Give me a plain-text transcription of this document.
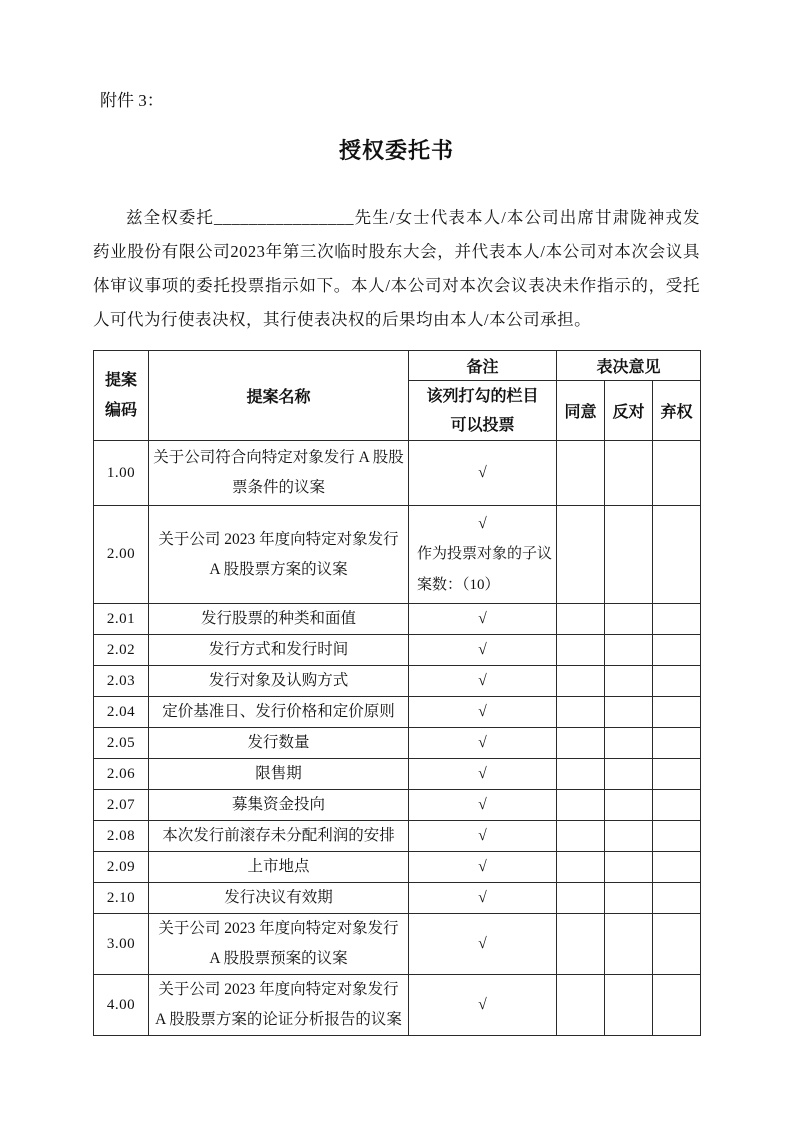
附件 3：
授权委托书

兹全权委托________________先生/女士代表本人/本公司出席甘肃陇神戎发药业股份有限公司2023年第三次临时股东大会，并代表本人/本公司对本次会议具体审议事项的委托投票指示如下。本人/本公司对本次会议表决未作指示的，受托人可代为行使表决权，其行使表决权的后果均由本人/本公司承担。

提案
编码	提案名称	备注	表决意见		

		该列打勾的栏目
可以投票	同意	反对	弃权
1.00	关于公司符合向特定对象发行 A 股股票条件的议案	√			
2.00	关于公司 2023 年度向特定对象发行 A 股股票方案的议案	√
作为投票对象的子议案数：（10）			

2.01	发行股票的种类和面值	√			
2.02	发行方式和发行时间	√			
2.03	发行对象及认购方式	√			
2.04	定价基准日、发行价格和定价原则	√			
2.05	发行数量	√			
2.06	限售期	√			
2.07	募集资金投向	√			
2.08	本次发行前滚存未分配利润的安排	√			
2.09	上市地点	√			
2.10	发行决议有效期	√			
3.00	关于公司 2023 年度向特定对象发行 A 股股票预案的议案	√			
4.00	关于公司 2023 年度向特定对象发行 A 股股票方案的论证分析报告的议案	√			
